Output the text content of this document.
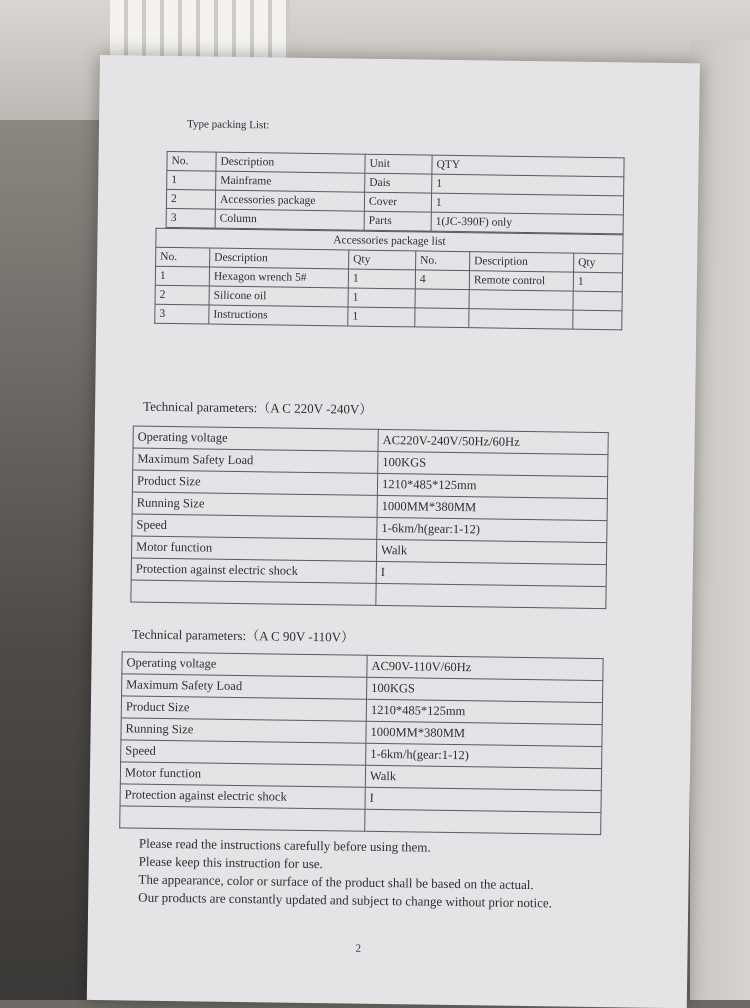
Type packing List:
No.	Description	Unit	QTY
1	Mainframe	Dais	1
2	Accessories package	Cover	1
3	Column	Parts	1(JC-390F) only
Accessories package list					
No.	Description	Qty	No.	Description	Qty
1	Hexagon wrench 5#	1	4	Remote control	1
2	Silicone oil	1			
3	Instructions	1			
Technical parameters:（A C 220V -240V）
Operating voltage	AC220V-240V/50Hz/60Hz
Maximum Safety Load	100KGS
Product Size	1210*485*125mm
Running Size	1000MM*380MM
Speed	1-6km/h(gear:1-12)
Motor function	Walk
Protection against electric shock	I

Technical parameters:（A C 90V -110V）
Operating voltage	AC90V-110V/60Hz
Maximum Safety Load	100KGS
Product Size	1210*485*125mm
Running Size	1000MM*380MM
Speed	1-6km/h(gear:1-12)
Motor function	Walk
Protection against electric shock	I

Please read the instructions carefully before using them.
Please keep this instruction for use.
The appearance, color or surface of the product shall be based on the actual.
Our products are constantly updated and subject to change without prior notice.
2
